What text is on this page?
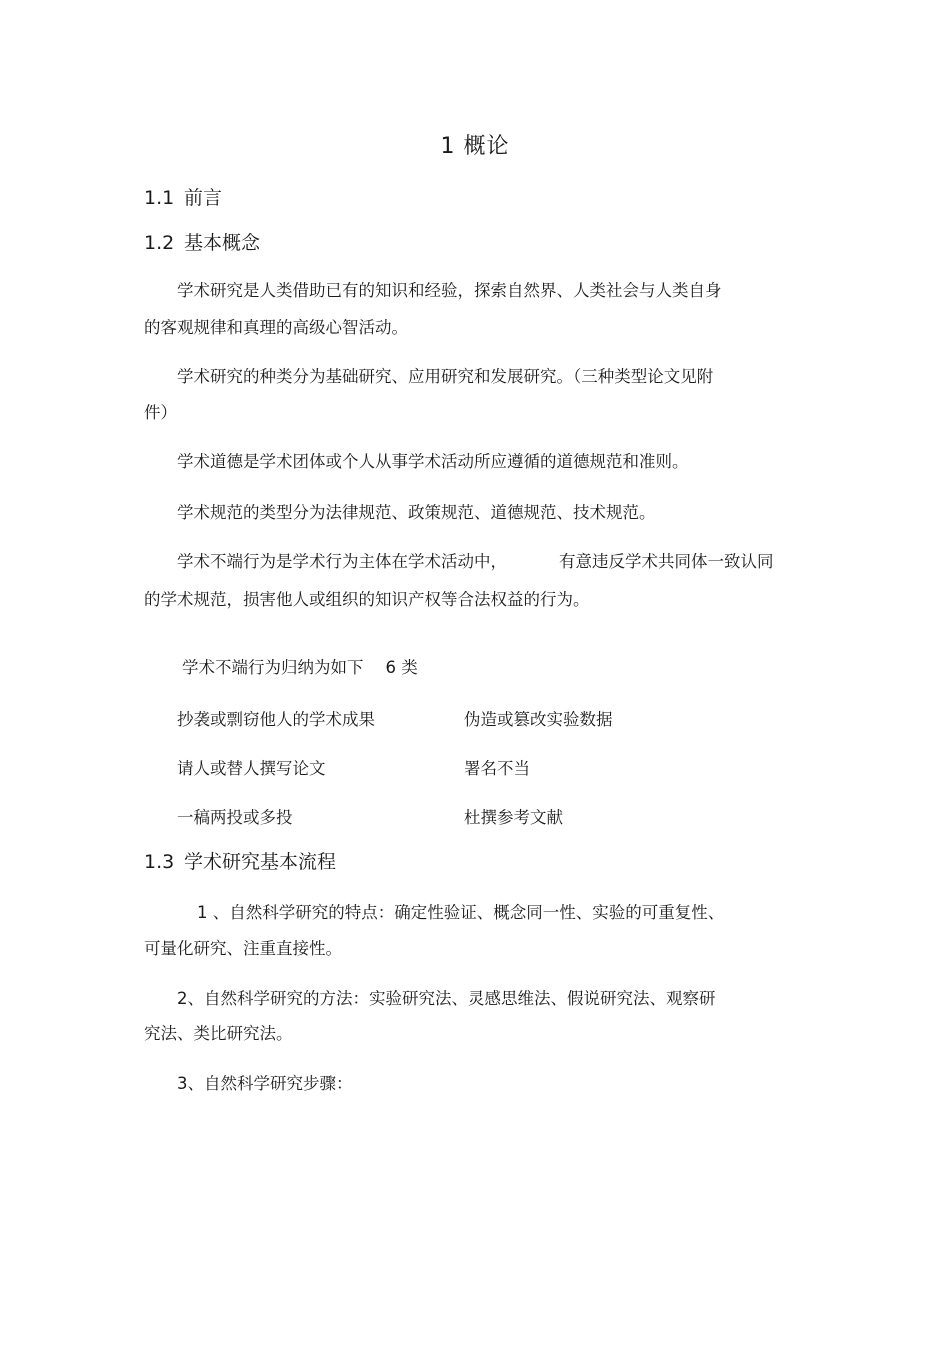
1 概论
1.1 前言
1.2 基本概念
学术研究是人类借助已有的知识和经验，探索自然界、人类社会与人类自身
的客观规律和真理的高级心智活动。
学术研究的种类分为基础研究、应用研究和发展研究。（三种类型论文见附
件）
学术道德是学术团体或个人从事学术活动所应遵循的道德规范和准则。
学术规范的类型分为法律规范、政策规范、道德规范、技术规范。
学术不端行为是学术行为主体在学术活动中，	有意违反学术共同体一致认同
的学术规范，损害他人或组织的知识产权等合法权益的行为。
学术不端行为归纳为如下 6 类
抄袭或剽窃他人的学术成果	伪造或篡改实验数据
请人或替人撰写论文	署名不当
一稿两投或多投	杜撰参考文献
1.3 学术研究基本流程
1 、自然科学研究的特点：确定性验证、概念同一性、实验的可重复性、
可量化研究、注重直接性。
2、自然科学研究的方法：实验研究法、灵感思维法、假说研究法、观察研
究法、类比研究法。
3、自然科学研究步骤：
